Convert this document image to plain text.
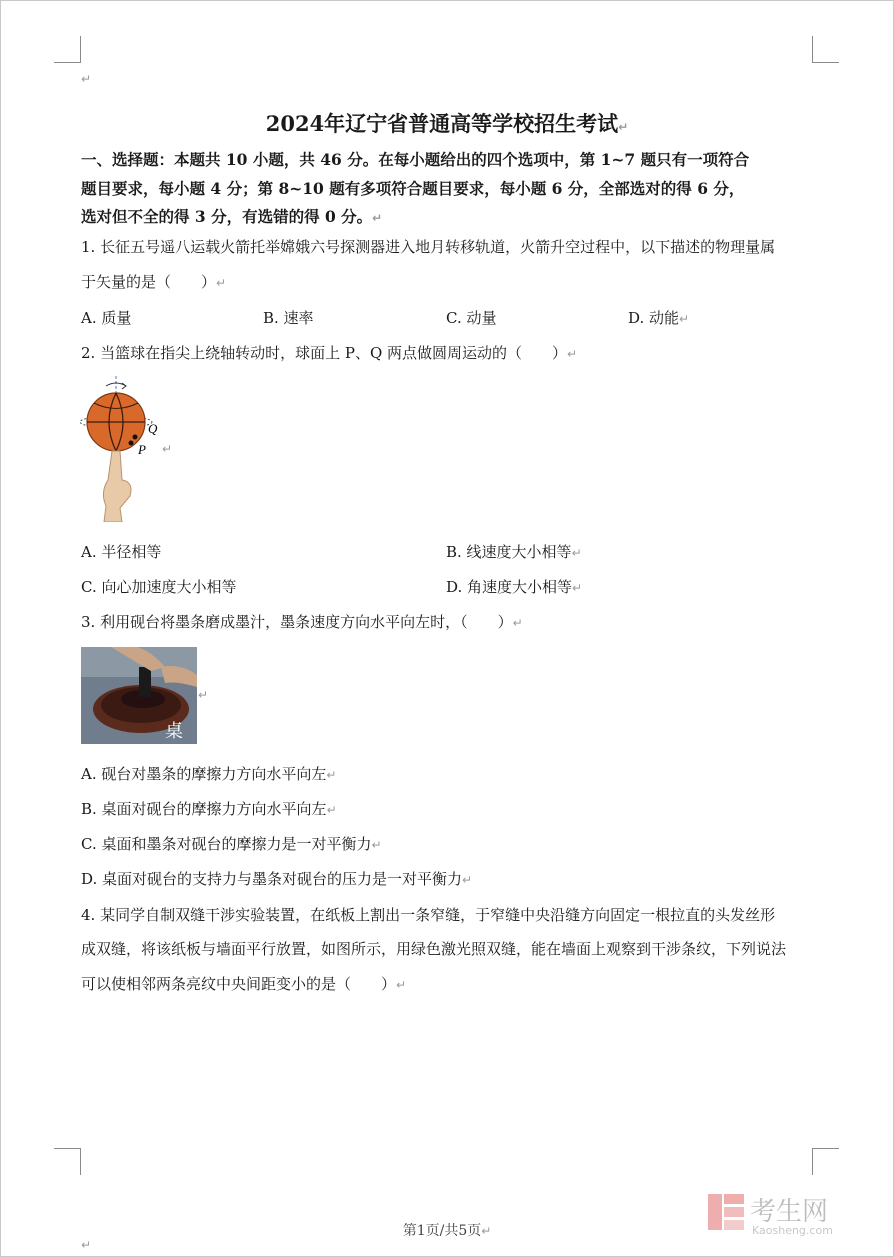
↵
2024年辽宁省普通高等学校招生考试↵
一、选择题：本题共 10 小题，共 46 分。在每小题给出的四个选项中，第 1~7 题只有一项符合
题目要求，每小题 4 分；第 8~10 题有多项符合题目要求，每小题 6 分，全部选对的得 6 分，
选对但不全的得 3 分，有选错的得 0 分。↵
1. 长征五号遥八运载火箭托举嫦娥六号探测器进入地月转移轨道，火箭升空过程中，以下描述的物理量属
于矢量的是（　　）↵
A. 质量	B. 速率	C. 动量	D. 动能↵
2. 当篮球在指尖上绕轴转动时，球面上 P、Q 两点做圆周运动的（　　）↵
Q
P ↵
A. 半径相等	B. 线速度大小相等↵
C. 向心加速度大小相等	D. 角速度大小相等↵
3. 利用砚台将墨条磨成墨汁，墨条速度方向水平向左时，（　　）↵
桌
↵
A. 砚台对墨条的摩擦力方向水平向左↵
B. 桌面对砚台的摩擦力方向水平向左↵
C. 桌面和墨条对砚台的摩擦力是一对平衡力↵
D. 桌面对砚台的支持力与墨条对砚台的压力是一对平衡力↵
4. 某同学自制双缝干涉实验装置，在纸板上割出一条窄缝，于窄缝中央沿缝方向固定一根拉直的头发丝形
成双缝，将该纸板与墙面平行放置，如图所示，用绿色激光照双缝，能在墙面上观察到干涉条纹，下列说法
可以使相邻两条亮纹中央间距变小的是（　　）↵
第1页/共5页↵
↵
考生网
Kaosheng.com
